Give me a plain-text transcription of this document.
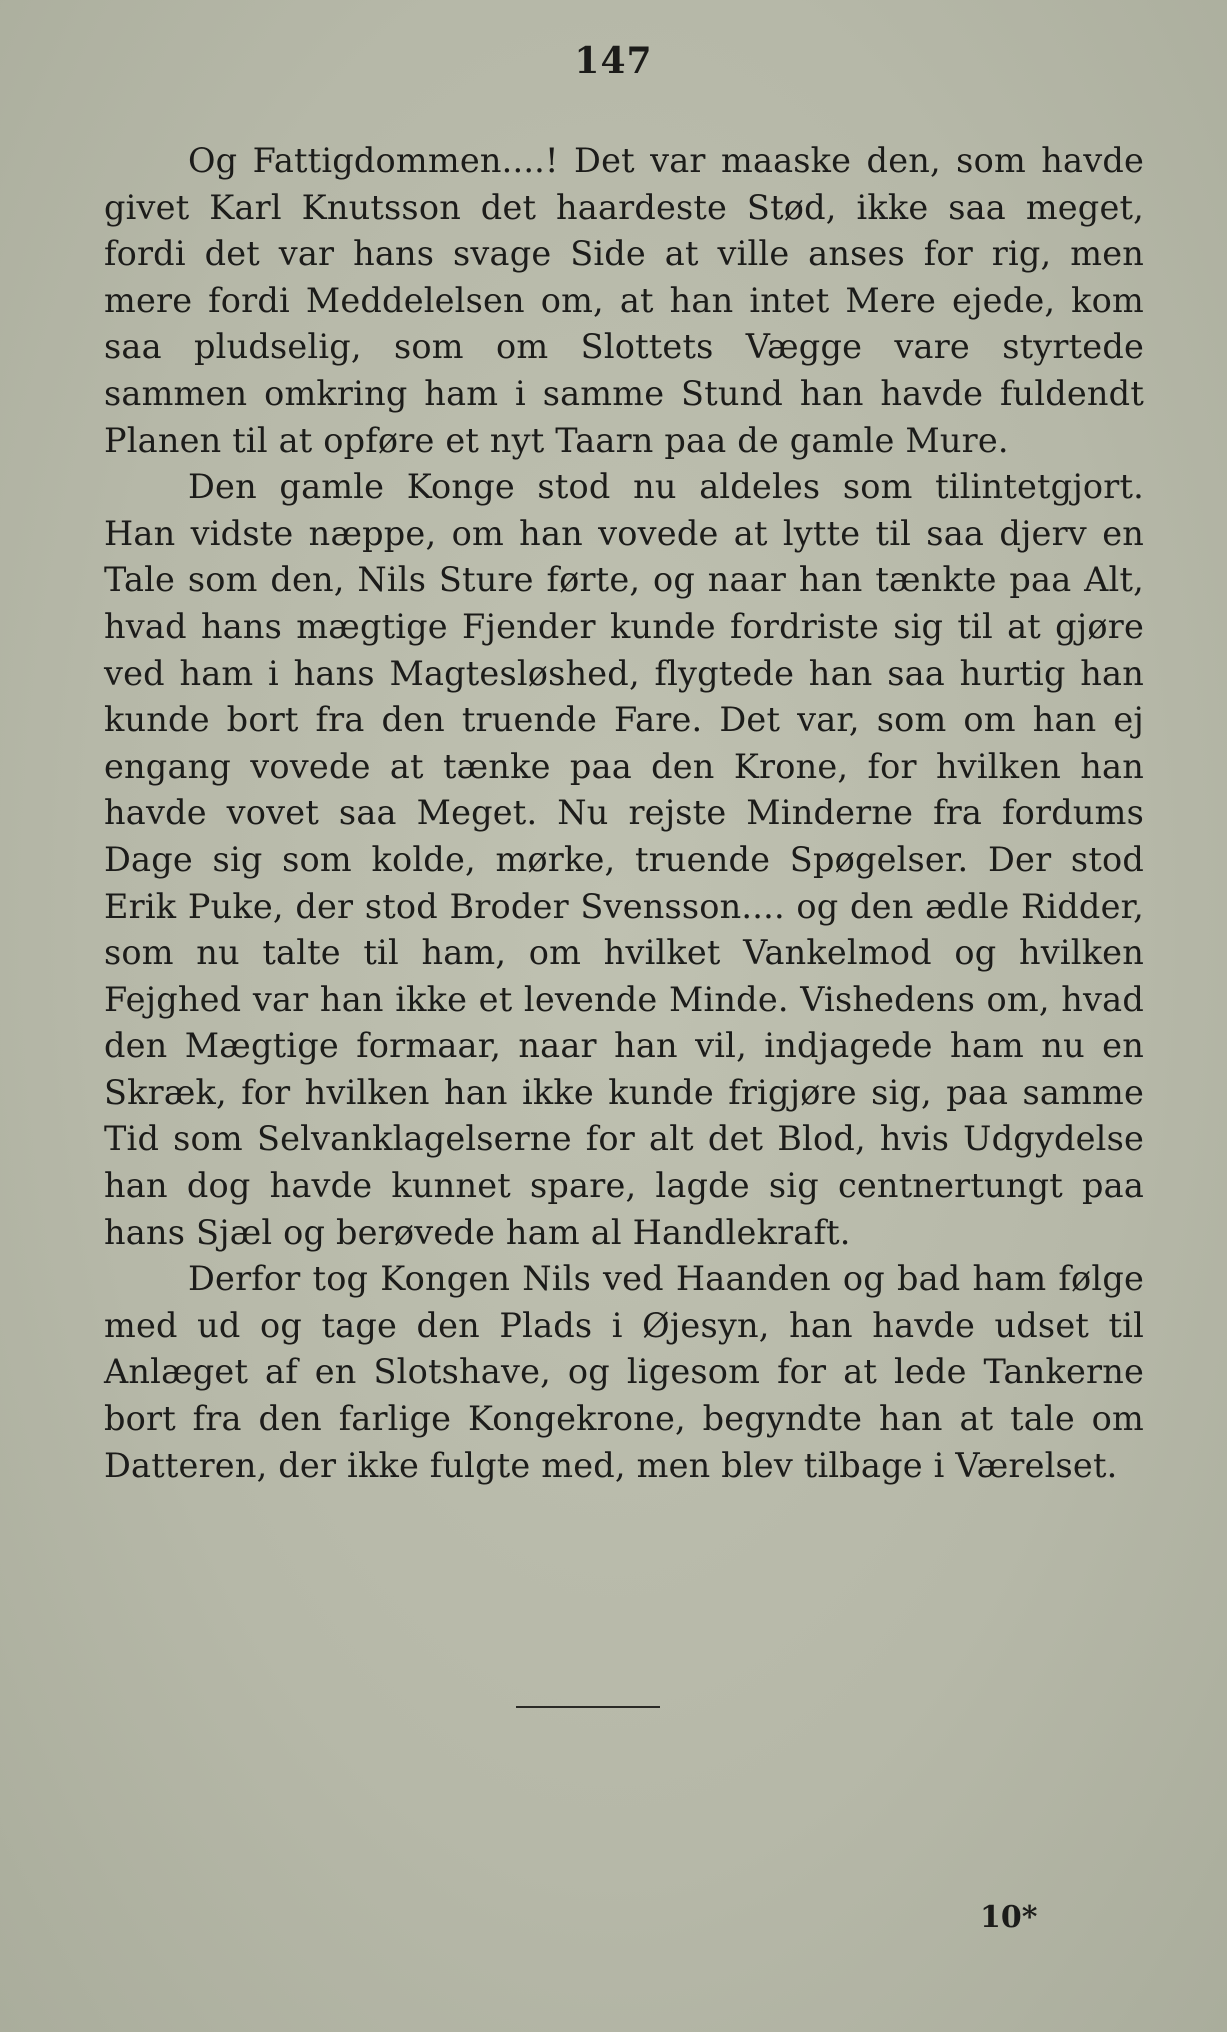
147

Og Fattigdommen....! Det var maaske den, som havde givet Karl Knutsson det haardeste Stød, ikke saa meget, fordi det var hans svage Side at ville anses for rig, men mere fordi Meddelelsen om, at han intet Mere ejede, kom saa pludselig, som om Slottets Vægge vare styrtede sammen omkring ham i samme Stund han havde fuldendt Planen til at opføre et nyt Taarn paa de gamle Mure.

Den gamle Konge stod nu aldeles som tilintetgjort. Han vidste næppe, om han vovede at lytte til saa djerv en Tale som den, Nils Sture førte, og naar han tænkte paa Alt, hvad hans mægtige Fjender kunde fordriste sig til at gjøre ved ham i hans Magtesløshed, flygtede han saa hurtig han kunde bort fra den truende Fare. Det var, som om han ej engang vovede at tænke paa den Krone, for hvilken han havde vovet saa Meget. Nu rejste Minderne fra fordums Dage sig som kolde, mørke, truende Spøgelser. Der stod Erik Puke, der stod Broder Svensson.... og den ædle Ridder, som nu talte til ham, om hvilket Vankelmod og hvilken Fejghed var han ikke et levende Minde. Vishedens om, hvad den Mægtige formaar, naar han vil, indjagede ham nu en Skræk, for hvilken han ikke kunde frigjøre sig, paa samme Tid som Selvanklagelserne for alt det Blod, hvis Udgydelse han dog havde kunnet spare, lagde sig centnertungt paa hans Sjæl og berøvede ham al Handlekraft.

Derfor tog Kongen Nils ved Haanden og bad ham følge med ud og tage den Plads i Øjesyn, han havde udset til Anlæget af en Slotshave, og ligesom for at lede Tankerne bort fra den farlige Kongekrone, begyndte han at tale om Datteren, der ikke fulgte med, men blev tilbage i Værelset.

10*
